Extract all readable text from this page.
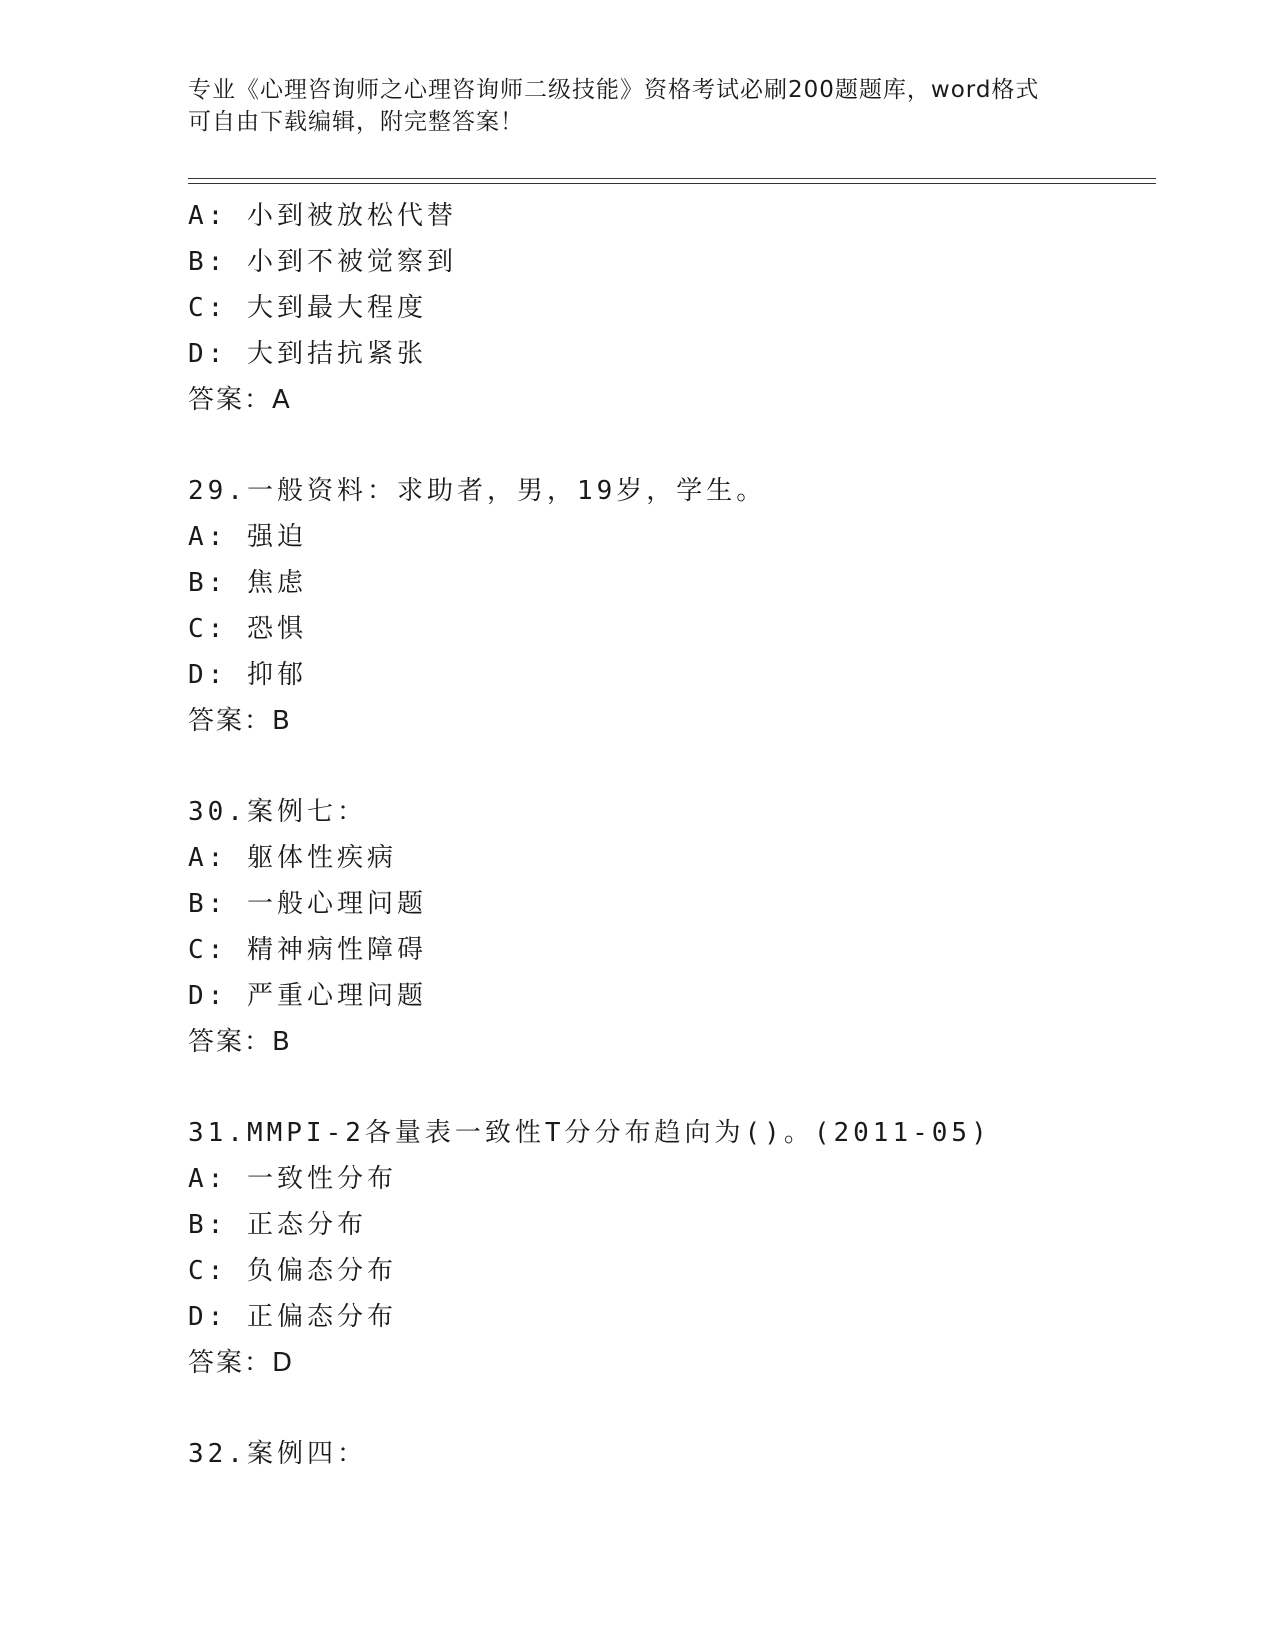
专业《心理咨询师之心理咨询师二级技能》资格考试必刷200题题库，word格式
可自由下载编辑，附完整答案！
A: 小到被放松代替
B: 小到不被觉察到
C: 大到最大程度
D: 大到拮抗紧张
答案：A
29.一般资料：求助者，男，19岁，学生。
A: 强迫
B: 焦虑
C: 恐惧
D: 抑郁
答案：B
30.案例七：
A: 躯体性疾病
B: 一般心理问题
C: 精神病性障碍
D: 严重心理问题
答案：B
31.MMPI-2各量表一致性T分分布趋向为()。(2011-05)
A: 一致性分布
B: 正态分布
C: 负偏态分布
D: 正偏态分布
答案：D
32.案例四：
